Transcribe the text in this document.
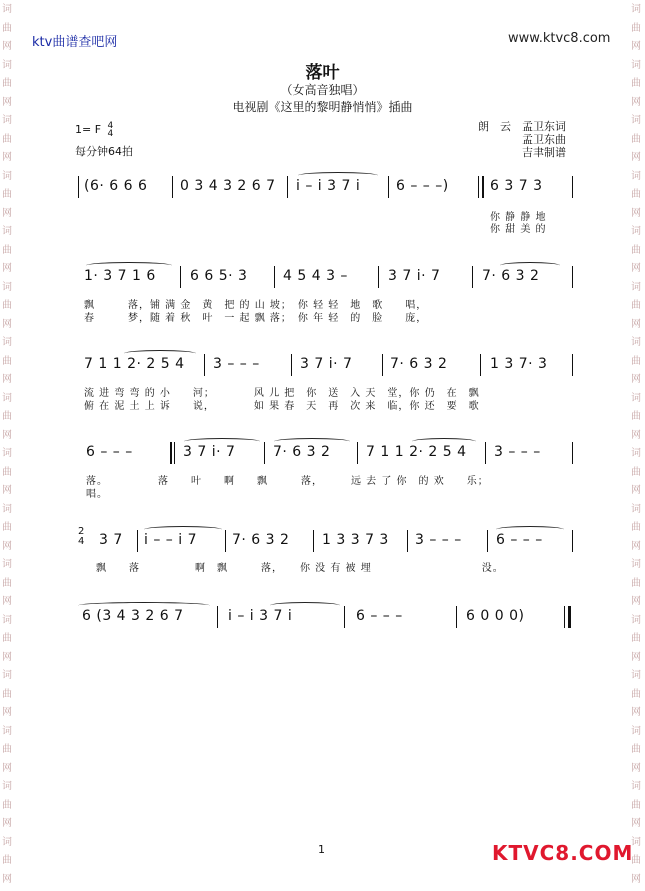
词
曲
网
词
曲
网
词
曲
网
词
曲
网
词
曲
网
词
曲
网
词
曲
网
词
曲
网
词
曲
网
词
曲
网
词
曲
网
词
曲
网
词
曲
网
词
曲
网
词
曲
网
词
曲
网
词
曲
网
词
曲
网
词
曲
网
词
曲
网
词
曲
网
词
曲
网
词
曲
网
词
曲
网
词
曲
网
词
曲
网
词
曲
网
词
曲
网
词
曲
网
词
曲
网
词
曲
网
词
曲
网
ktv曲谱查吧网	www.ktvc8.com
落叶
（女高音独唱）
电视剧《这里的黎明静悄悄》插曲
1= F 4
4
每分钟64拍
朗　云 孟卫东词
孟卫东曲
吉聿制谱
(6· 6 6 6 0 3 4 3 2 6 7 i – i 3 7 i	6 – – –)	6 3 7 3
你 静 静 地
你 甜 美 的
1· 3 7 1 6 6 6 5· 3	4 5 4 3 –	3 7 i· 7	7· 6 3 2
飘　　　落，铺 满 金　黄　把 的 山 坡；　你 轻 轻　地　歌　　唱，
春　　　梦，随 着 秋　叶　一 起 飘 落；　你 年 轻　的　脸　　庞，
7 1 1 2· 2 5 4 3 – – –	3 7 i· 7	7· 6 3 2	1 3 7· 3
流 进 弯 弯 的 小　　河；　　　　风 儿 把　你　送　入 天　堂，你 仍　在　飘
俯 在 泥 土 上 诉　　说，　　　　如 果 春　天　再　次 来　临，你 还　要　歌
6 – – –	3 7 i· 7	7· 6 3 2	7 1 1 2· 2 5 4 3 – – –
落。　　　　　落　　叶　　啊　　飘　　　落，　　　远 去 了 你　的 欢　　乐；
唱。
2
4 3 7 i – – i 7	7· 6 3 2 1 3 3 7 3 3 – – – 6 – – –
飘　　落　　　　　啊　飘　　　落，　　你 没 有 被 埋　　　　　　　　　　没。
6 (3 4 3 2 6 7	i – i 3 7 i	6 – – –	6 0 0 0)
1	KTVC8.COM
